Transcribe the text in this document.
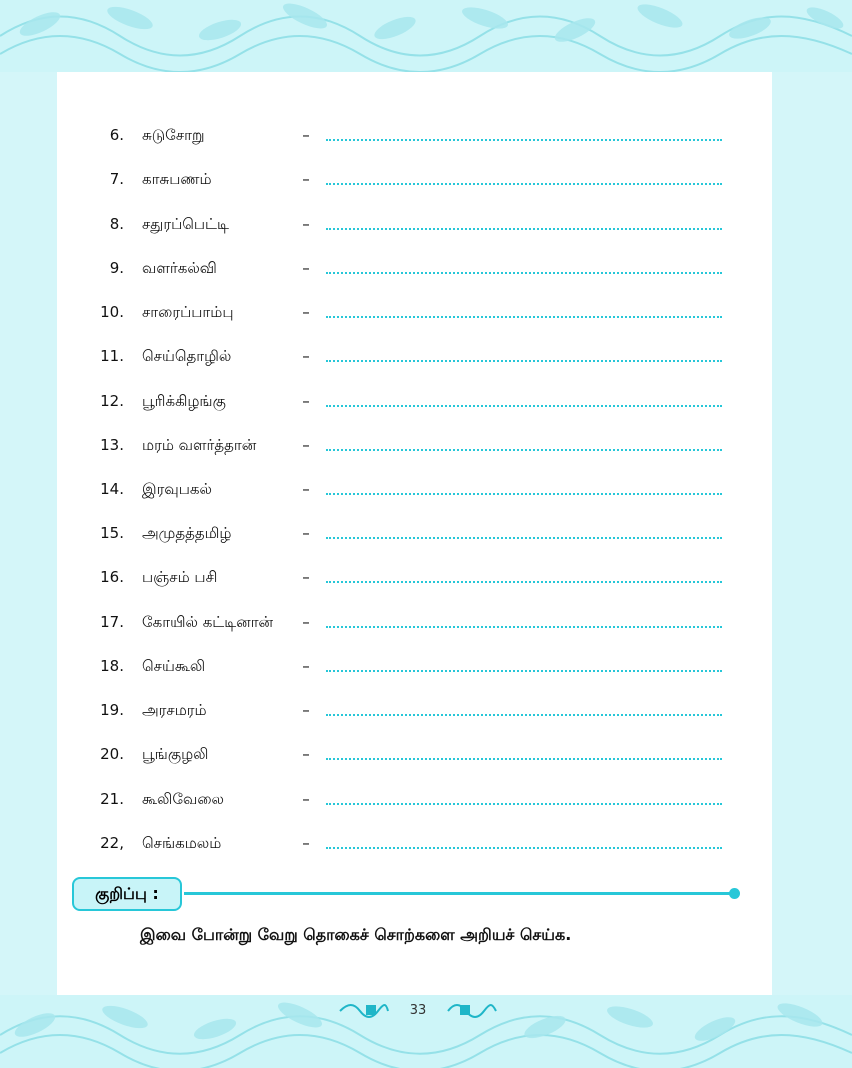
6. சுடுசோறு	–
7. காசுபணம்	–
8. சதுரப்பெட்டி	–
9. வளர்கல்வி	–
10. சாரைப்பாம்பு	–
11. செய்தொழில்	–
12. பூரிக்கிழங்கு	–
13. மரம் வளர்த்தான்	–
14. இரவுபகல்	–
15. அமுதத்தமிழ்	–
16. பஞ்சம் பசி	–
17. கோயில் கட்டினான்	–
18. செய்கூலி	–
19. அரசமரம்	–
20. பூங்குழலி	–
21. கூலிவேலை	–
22, செங்கமலம்	–
குறிப்பு :
இவை போன்று வேறு தொகைச் சொற்களை அறியச் செய்க.
33
